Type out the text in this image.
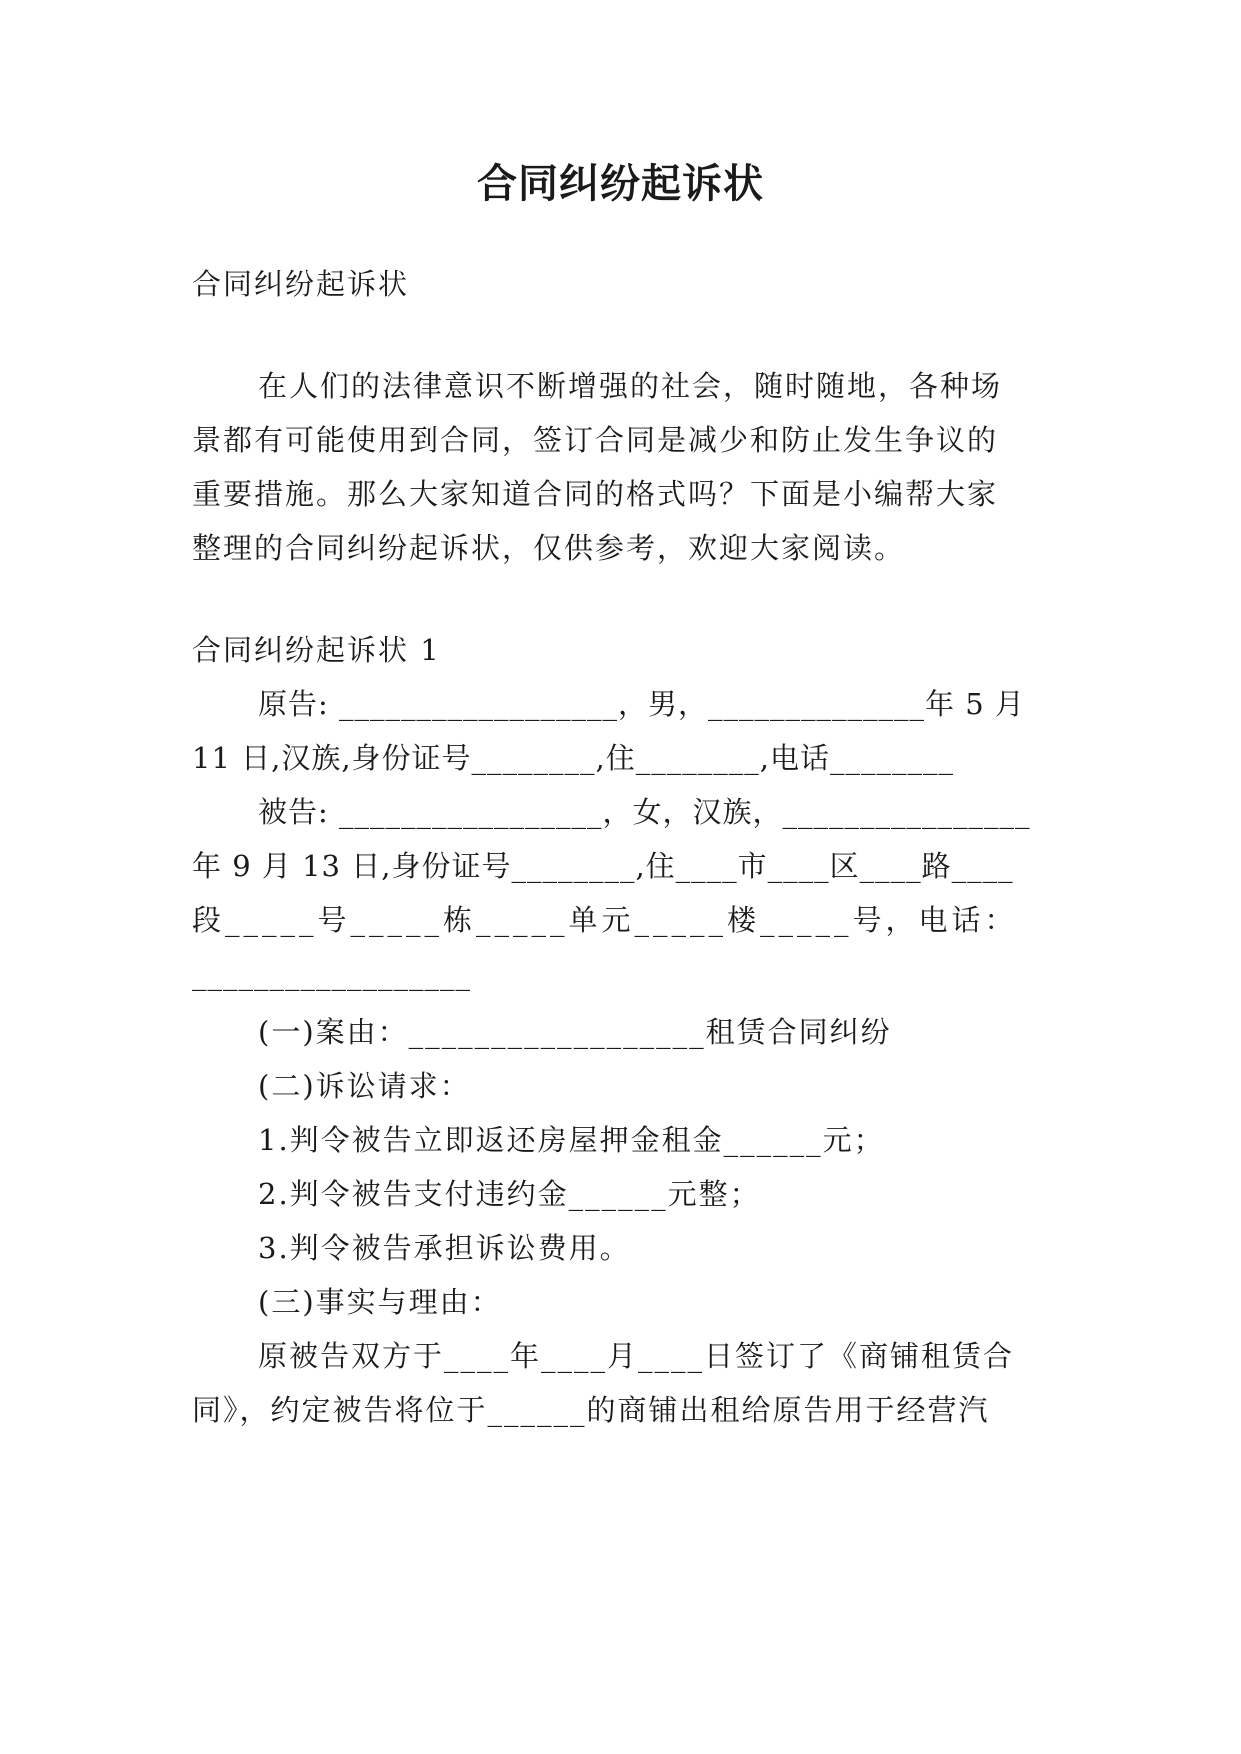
合同纠纷起诉状
合同纠纷起诉状
在人们的法律意识不断增强的社会，随时随地，各种场
景都有可能使用到合同，签订合同是减少和防止发生争议的
重要措施。那么大家知道合同的格式吗？下面是小编帮大家
整理的合同纠纷起诉状，仅供参考，欢迎大家阅读。
合同纠纷起诉状 1
原告: __________________，男，______________年 5 月
11 日,汉族,身份证号________,住________,电话________
被告: _________________，女，汉族，________________
年 9 月 13 日,身份证号________,住____市____区____路____
段_____号_____栋_____单元_____楼_____号，电话：
__________________
(一)案由：__________________租赁合同纠纷
(二)诉讼请求：
1.判令被告立即返还房屋押金租金______元；
2.判令被告支付违约金______元整；
3.判令被告承担诉讼费用。
(三)事实与理由：
原被告双方于____年____月____日签订了《商铺租赁合
同》，约定被告将位于______的商铺出租给原告用于经营汽
